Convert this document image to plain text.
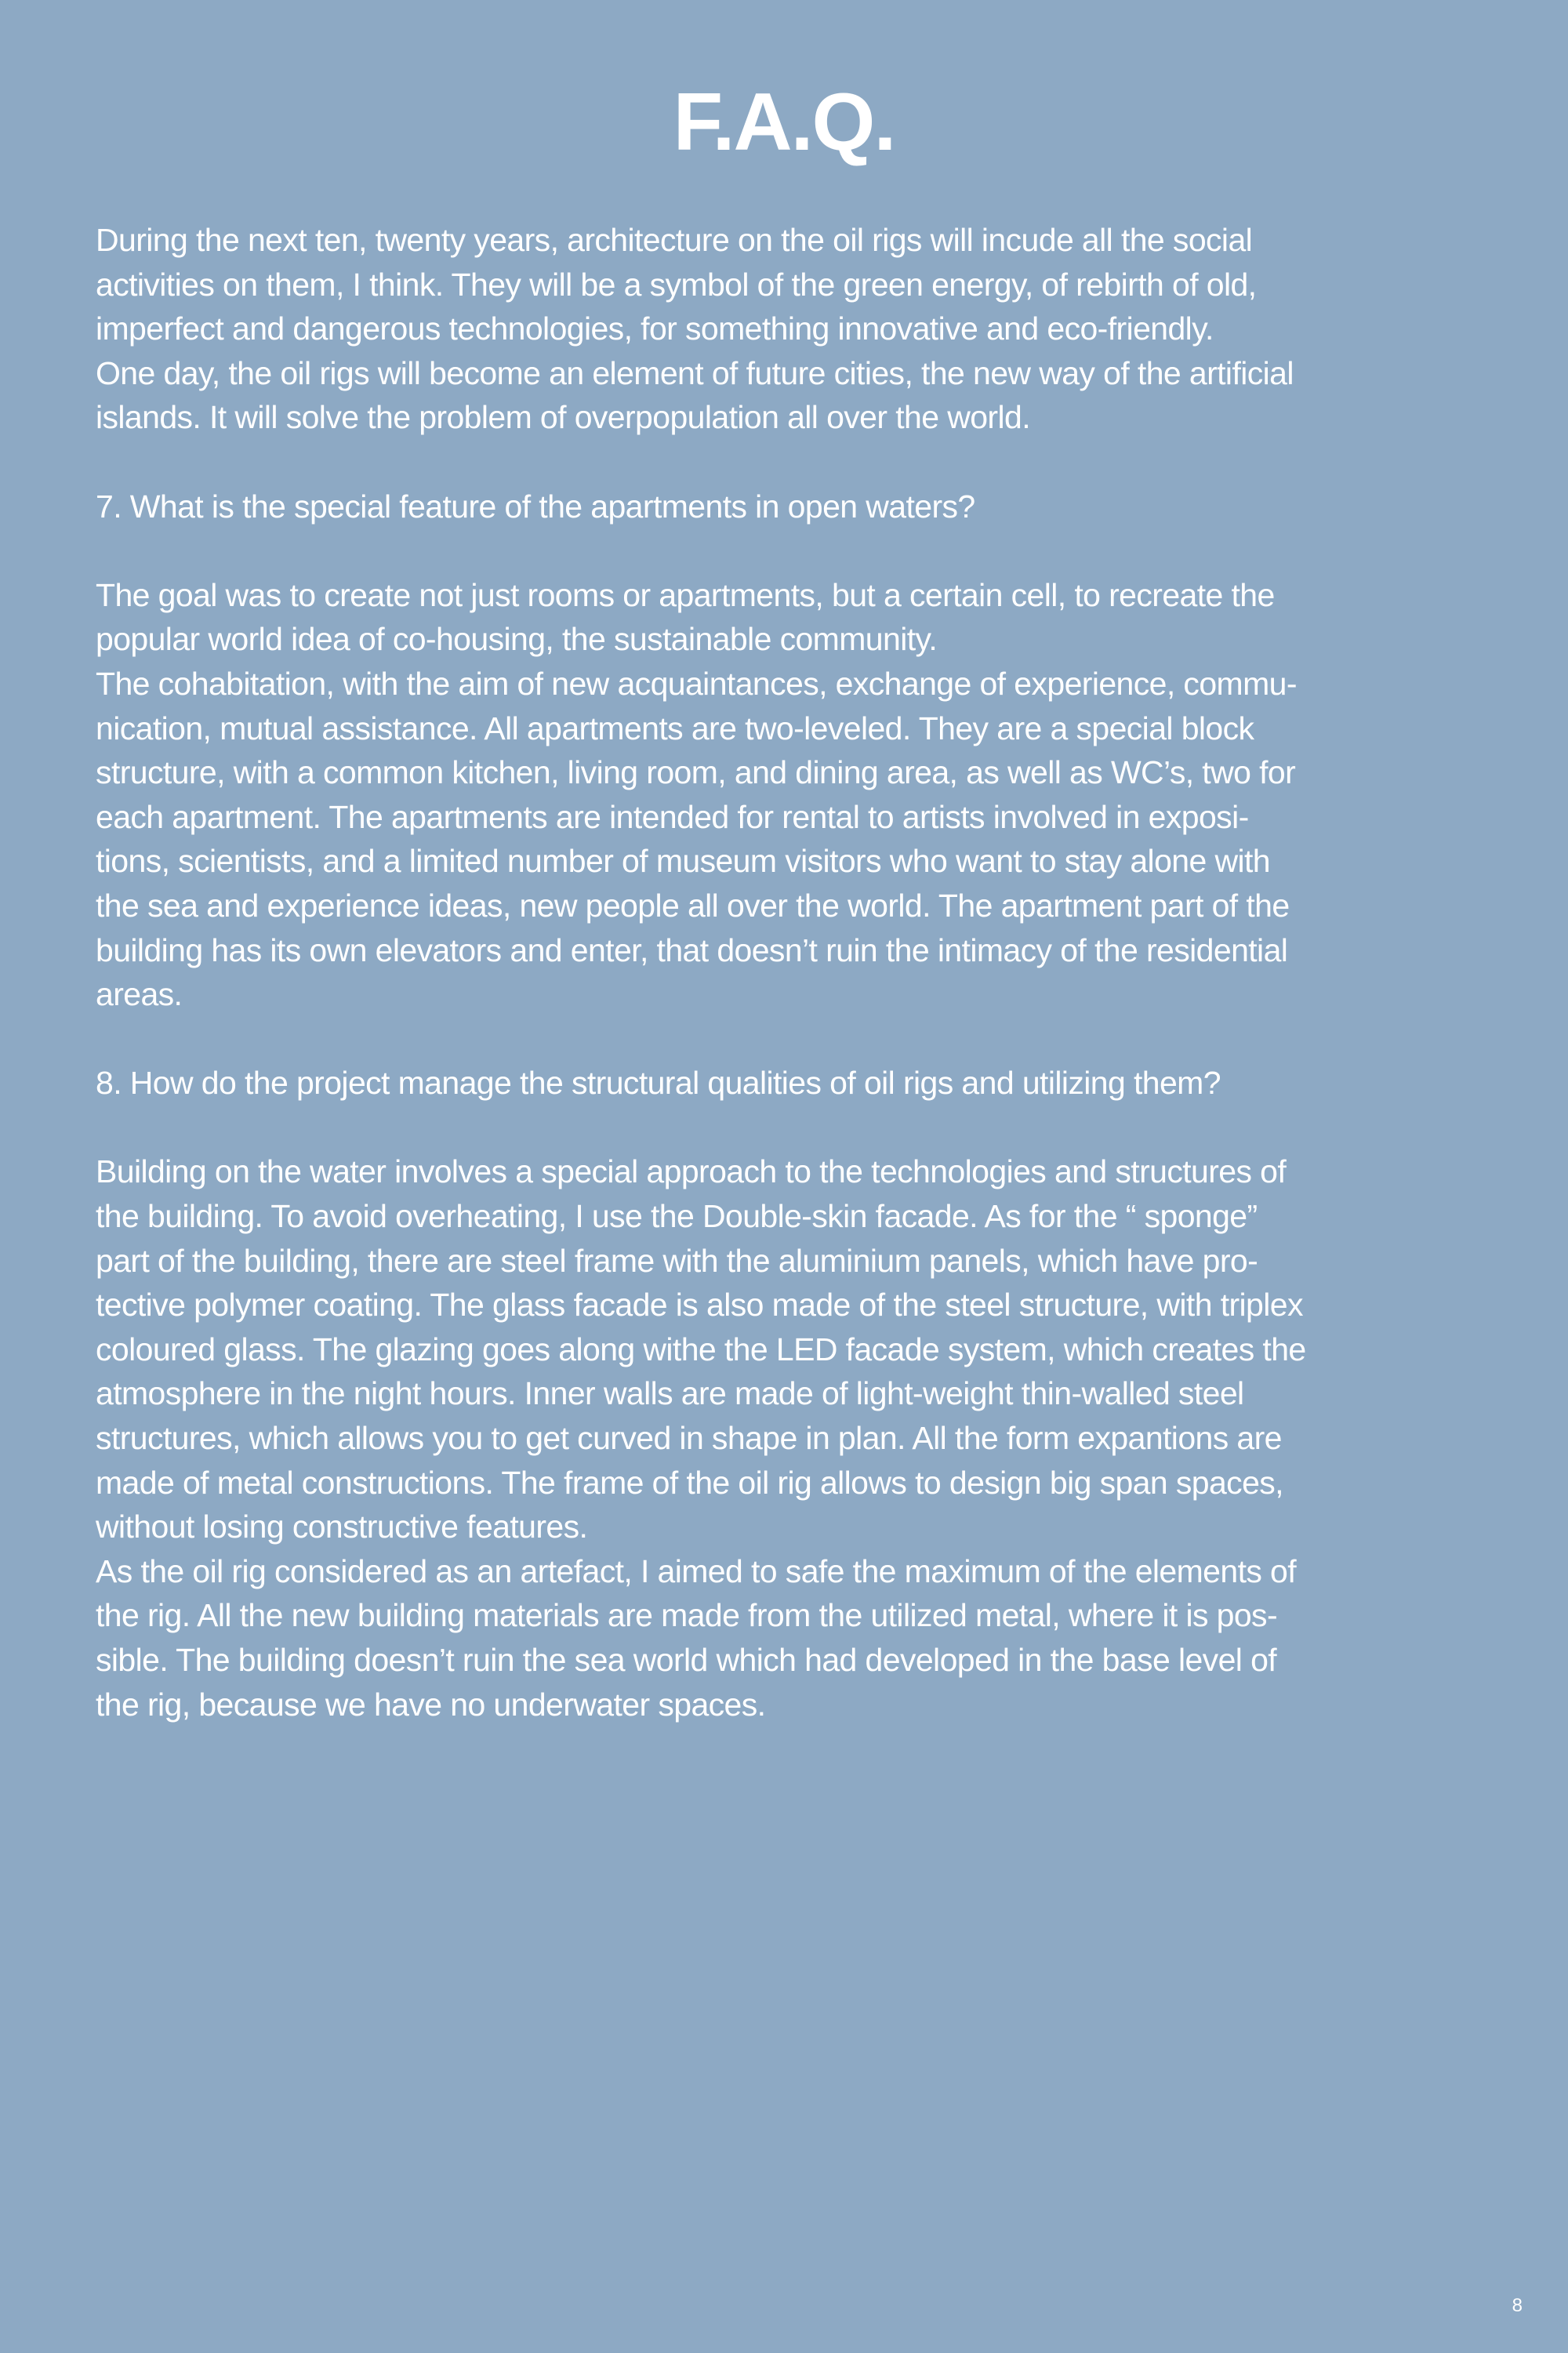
F.A.Q.

During the next ten, twenty years, architecture on the oil rigs will incude all the social
activities on them, I think. They will be a symbol of the green energy, of rebirth of old,
imperfect and dangerous technologies, for something innovative and eco-friendly.
One day, the oil rigs will become an element of future cities, the new way of the artificial
islands. It will solve the problem of overpopulation all over the world.

7. What is the special feature of the apartments in open waters?

The goal was to create not just rooms or apartments, but a certain cell, to recreate the
popular world idea of co-housing, the sustainable community.

The cohabitation, with the aim of new acquaintances, exchange of experience, commu-
nication, mutual assistance. All apartments are two-leveled. They are a special block
structure, with a common kitchen, living room, and dining area, as well as WC’s, two for
each apartment. The apartments are intended for rental to artists involved in exposi-
tions, scientists, and a limited number of museum visitors who want to stay alone with
the sea and experience ideas, new people all over the world. The apartment part of the
building has its own elevators and enter, that doesn’t ruin the intimacy of the residential
areas.

8. How do the project manage the structural qualities of oil rigs and utilizing them?

Building on the water involves a special approach to the technologies and structures of
the building. To avoid overheating, I use the Double-skin facade. As for the “ sponge”
part of the building, there are steel frame with the aluminium panels, which have pro-
tective polymer coating. The glass facade is also made of the steel structure, with triplex
coloured glass. The glazing goes along withe the LED facade system, which creates the
atmosphere in the night hours. Inner walls are made of light-weight thin-walled steel
structures, which allows you to get curved in shape in plan. All the form expantions are
made of metal constructions. The frame of the oil rig allows to design big span spaces,
without losing constructive features.

As the oil rig considered as an artefact, I aimed to safe the maximum of the elements of
the rig. All the new building materials are made from the utilized metal, where it is pos-
sible. The building doesn’t ruin the sea world which had developed in the base level of
the rig, because we have no underwater spaces.

8
